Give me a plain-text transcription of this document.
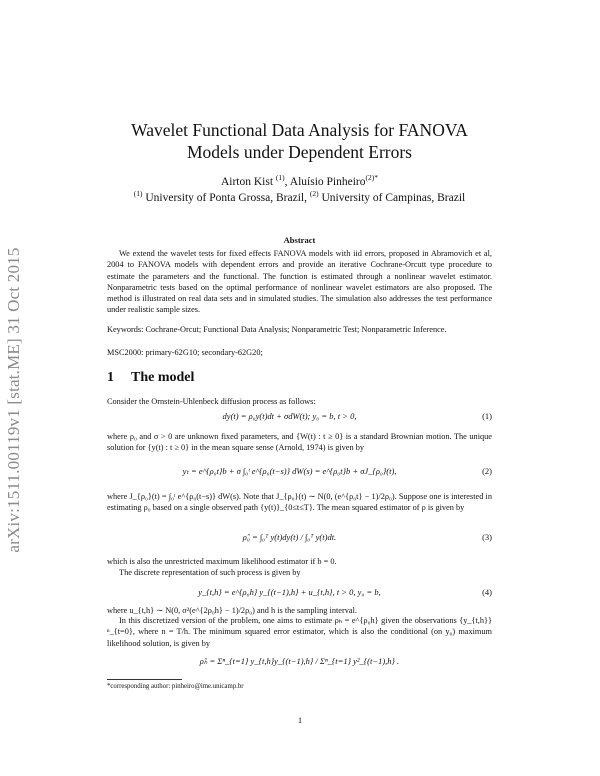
arXiv:1511.00119v1 [stat.ME] 31 Oct 2015
Wavelet Functional Data Analysis for FANOVA Models under Dependent Errors
Airton Kist $^{(1)}$, Aluísio Pinheiro$^{(2)*}$
$^{(1)}$ University of Ponta Grossa, Brazil, $^{(2)}$ University of Campinas, Brazil
Abstract
We extend the wavelet tests for fixed effects FANOVA models with iid errors, proposed in Abramovich et al, 2004 to FANOVA models with dependent errors and provide an iterative Cochrane-Orcutt type procedure to estimate the parameters and the functional. The function is estimated through a nonlinear wavelet estimator. Nonparametric tests based on the optimal performance of nonlinear wavelet estimators are also proposed. The method is illustrated on real data sets and in simulated studies. The simulation also addresses the test performance under realistic sample sizes.
Keywords: Cochrane-Orcut; Functional Data Analysis; Nonparametric Test; Nonparametric Inference.
MSC2000: primary-62G10; secondary-62G20;
1 The model
Consider the Ornstein-Uhlenbeck diffusion process as follows:
dy(t) = ρ₀y(t)dt + σdW(t); y₀ = b, t > 0,	(1)
where ρ₀ and σ > 0 are unknown fixed parameters, and {W(t) : t ≥ 0} is a standard Brownian motion. The unique solution for {y(t) : t ≥ 0} in the mean square sense (Arnold, 1974) is given by
yₜ = e^{ρ₀t}b + σ ∫₀ᵗ e^{ρ₀(t−s)} dW(s) = e^{ρ₀t}b + σJ_{ρ₀}(t),	(2)
where J_{ρ₀}(t) = ∫₀ᵗ e^{ρ₀(t−s)} dW(s). Note that J_{ρ₀}(t) ∼ N(0, (e^{ρ₀t} − 1)/2ρ₀). Suppose one is interested in estimating ρ₀ based on a single observed path {y(t)}_{0≤t≤T}. The mean squared estimator of ρ is given by
ρ̂₀ = ∫₀ᵀ y(t)dy(t) / ∫₀ᵀ y(t)dt.	(3)
which is also the unrestricted maximum likelihood estimator if b = 0.
The discrete representation of such process is given by
y_{t,h} = e^{ρ₀h} y_{(t−1),h} + u_{t,h}, t > 0, y₀ = b,	(4)
where u_{t,h} ∼ N(0, σ²(e^{2ρ₀h} − 1)/2ρ₀) and h is the sampling interval.
In this discretized version of the problem, one aims to estimate ρₕ = e^{ρ₀h} given the observations {y_{t,h}}ⁿ_{t=0}, where n = T/h. The minimum squared error estimator, which is also the conditional (on y₀) maximum likelihood solution, is given by
ρ̂ₕ = Σⁿ_{t=1} y_{t,h}y_{(t−1),h} / Σⁿ_{t=1} y²_{(t−1),h} .
*corresponding author: pinheiro@ime.unicamp.br
1
